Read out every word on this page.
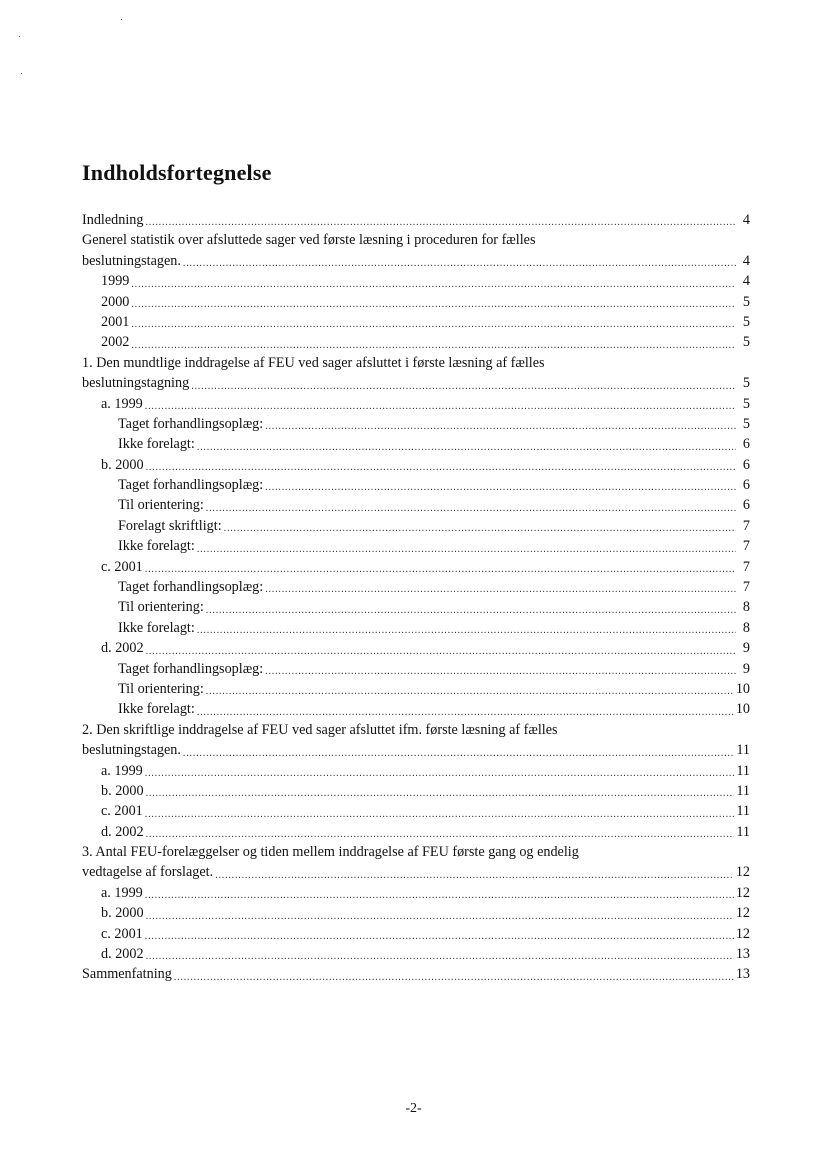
Indholdsfortegnelse
Indledning .....	4
Generel statistik over afsluttede sager ved første læsning i proceduren for fælles
beslutningstagen. .....	4
1999 .....	4
2000 .....	5
2001 .....	5
2002 .....	5
1. Den mundtlige inddragelse af FEU ved sager afsluttet i første læsning af fælles
beslutningstagning .....	5
a. 1999 .....	5
Taget forhandlingsoplæg: .....	5
Ikke forelagt: .....	6
b. 2000 .....	6
Taget forhandlingsoplæg: .....	6
Til orientering: .....	6
Forelagt skriftligt: .....	7
Ikke forelagt: .....	7
c. 2001 .....	7
Taget forhandlingsoplæg: .....	7
Til orientering: .....	8
Ikke forelagt: .....	8
d. 2002 .....	9
Taget forhandlingsoplæg: .....	9
Til orientering: .....	10
Ikke forelagt: .....	10
2. Den skriftlige inddragelse af FEU ved sager afsluttet ifm. første læsning af fælles
beslutningstagen. .....	11
a. 1999 .....	11
b. 2000 .....	11
c. 2001 .....	11
d. 2002 .....	11
3. Antal FEU-forelæggelser og tiden mellem inddragelse af FEU første gang og endelig
vedtagelse af forslaget. .....	12
a. 1999 .....	12
b. 2000 .....	12
c. 2001 .....	12
d. 2002 .....	13
Sammenfatning .....	13
-2-
